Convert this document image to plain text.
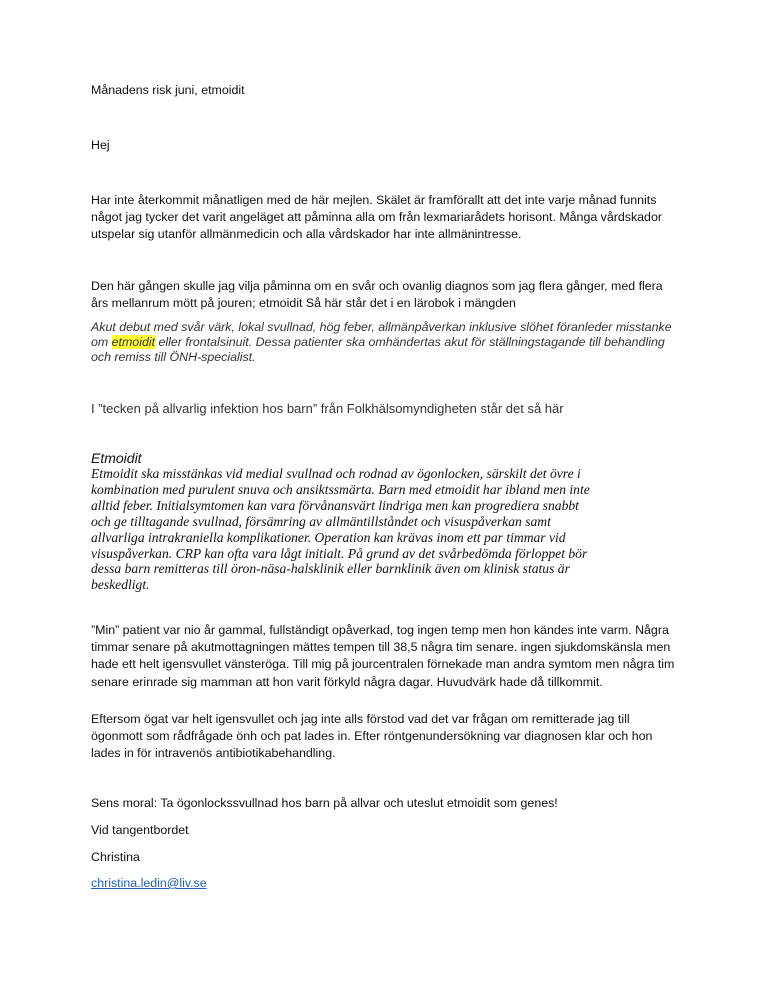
Månadens risk juni, etmoidit

Hej

Har inte återkommit månatligen med de här mejlen. Skälet är framförallt att det inte varje månad funnits något jag tycker det varit angeläget att påminna alla om från lexmariarådets horisont. Många vårdskador utspelar sig utanför allmänmedicin och alla vårdskador har inte allmänintresse.

Den här gången skulle jag vilja påminna om en svår och ovanlig diagnos som jag flera gånger, med flera års mellanrum mött på jouren; etmoidit Så här står det i en lärobok i mängden

Akut debut med svår värk, lokal svullnad, hög feber, allmänpåverkan inklusive slöhet föranleder misstanke om etmoidit eller frontalsinuit. Dessa patienter ska omhändertas akut för ställningstagande till behandling och remiss till ÖNH-specialist.

I ”tecken på allvarlig infektion hos barn” från Folkhälsomyndigheten står det så här

Etmoidit

Etmoidit ska misstänkas vid medial svullnad och rodnad av ögonlocken, särskilt det övre i kombination med purulent snuva och ansiktssmärta. Barn med etmoidit har ibland men inte alltid feber. Initialsymtomen kan vara förvånansvärt lindriga men kan progrediera snabbt och ge tilltagande svullnad, försämring av allmäntillståndet och visuspåverkan samt allvarliga intrakraniella komplikationer. Operation kan krävas inom ett par timmar vid visuspåverkan. CRP kan ofta vara lågt initialt. På grund av det svårbedömda förloppet bör dessa barn remitteras till öron-näsa-halsklinik eller barnklinik även om klinisk status är beskedligt.

”Min” patient var nio år gammal, fullständigt opåverkad, tog ingen temp men hon kändes inte varm. Några timmar senare på akutmottagningen mättes tempen till 38,5 några tim senare. ingen sjukdomskänsla men hade ett helt igensvullet vänsteröga. Till mig på jourcentralen förnekade man andra symtom men några tim senare erinrade sig mamman att hon varit förkyld några dagar. Huvudvärk hade då tillkommit.

Eftersom ögat var helt igensvullet och jag inte alls förstod vad det var frågan om remitterade jag till ögonmott som rådfrågade önh och pat lades in. Efter röntgenundersökning var diagnosen klar och hon lades in för intravenös antibiotikabehandling.

Sens moral: Ta ögonlockssvullnad hos barn på allvar och uteslut etmoidit som genes!

Vid tangentbordet

Christina

christina.ledin@liv.se
